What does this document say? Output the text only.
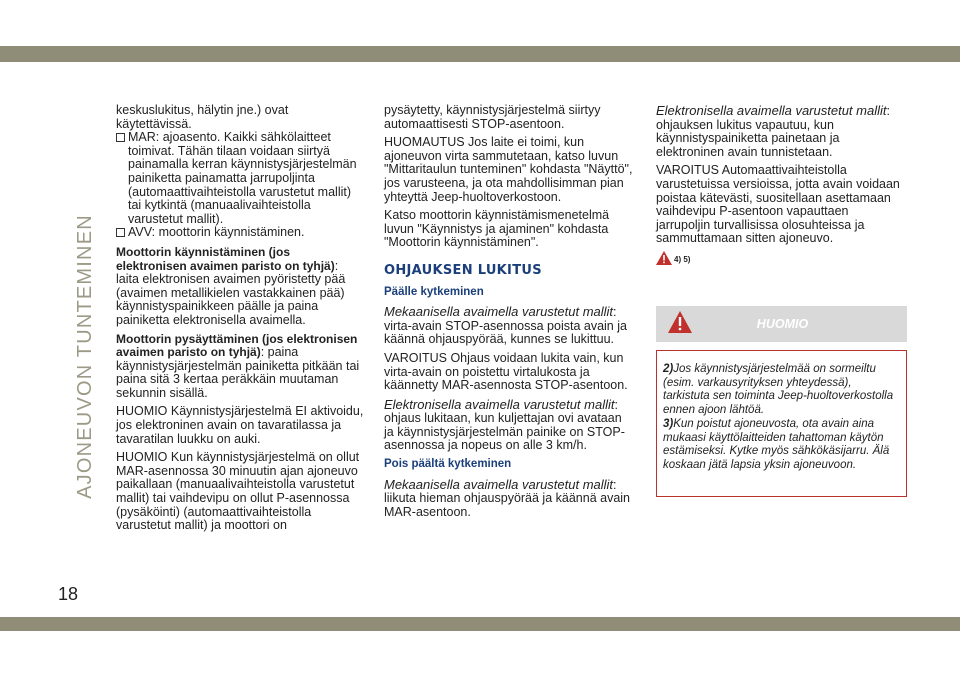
AJONEUVON TUNTEMINEN

keskuslukitus, hälytin jne.) ovat käytettävissä.

MAR: ajoasento. Kaikki sähkölaitteet toimivat. Tähän tilaan voidaan siirtyä painamalla kerran käynnistysjärjestelmän painiketta painamatta jarrupoljinta (automaattivaihteistolla varustetut mallit) tai kytkintä (manuaalivaihteistolla varustetut mallit).
AVV: moottorin käynnistäminen.

Moottorin käynnistäminen (jos elektronisen avaimen paristo on tyhjä): laita elektronisen avaimen pyöristetty pää (avaimen metallikielen vastakkainen pää) käynnistyspainikkeen päälle ja paina painiketta elektronisella avaimella.

Moottorin pysäyttäminen (jos elektronisen avaimen paristo on tyhjä): paina käynnistysjärjestelmän painiketta pitkään tai paina sitä 3 kertaa peräkkäin muutaman sekunnin sisällä.

HUOMIO Käynnistysjärjestelmä EI aktivoidu, jos elektroninen avain on tavaratilassa ja tavaratilan luukku on auki.

HUOMIO Kun käynnistysjärjestelmä on ollut MAR-asennossa 30 minuutin ajan ajoneuvo paikallaan (manuaalivaihteistolla varustetut mallit) tai vaihdevipu on ollut P-asennossa (pysäköinti) (automaattivaihteistolla varustetut mallit) ja moottori on

pysäytetty, käynnistysjärjestelmä siirtyy automaattisesti STOP-asentoon.

HUOMAUTUS Jos laite ei toimi, kun ajoneuvon virta sammutetaan, katso luvun "Mittaritaulun tunteminen" kohdasta "Näyttö", jos varusteena, ja ota mahdollisimman pian yhteyttä Jeep-huoltoverkostoon.

Katso moottorin käynnistämismenetelmä luvun "Käynnistys ja ajaminen" kohdasta "Moottorin käynnistäminen".

OHJAUKSEN LUKITUS
Päälle kytkeminen

Mekaanisella avaimella varustetut mallit: virta-avain STOP-asennossa poista avain ja käännä ohjauspyörää, kunnes se lukittuu.

VAROITUS Ohjaus voidaan lukita vain, kun virta-avain on poistettu virtalukosta ja käännetty MAR-asennosta STOP-asentoon.

Elektronisella avaimella varustetut mallit: ohjaus lukitaan, kun kuljettajan ovi avataan ja käynnistysjärjestelmän painike on STOP-asennossa ja nopeus on alle 3 km/h.

Pois päältä kytkeminen

Mekaanisella avaimella varustetut mallit: liikuta hieman ohjauspyörää ja käännä avain MAR-asentoon.

Elektronisella avaimella varustetut mallit: ohjauksen lukitus vapautuu, kun käynnistyspainiketta painetaan ja elektroninen avain tunnistetaan.

VAROITUS Automaattivaihteistolla varustetuissa versioissa, jotta avain voidaan poistaa kätevästi, suositellaan asettamaan vaihdevipu P-asentoon vapauttaen jarrupoljin turvallisissa olosuhteissa ja sammuttamaan sitten ajoneuvo.

4) 5)
HUOMIO

2)Jos käynnistysjärjestelmää on sormeiltu (esim. varkausyrityksen yhteydessä), tarkistuta sen toiminta Jeep-huoltoverkostolla ennen ajoon lähtöä.

3)Kun poistut ajoneuvosta, ota avain aina mukaasi käyttölaitteiden tahattoman käytön estämiseksi. Kytke myös sähkökäsijarru. Älä koskaan jätä lapsia yksin ajoneuvoon.

18
